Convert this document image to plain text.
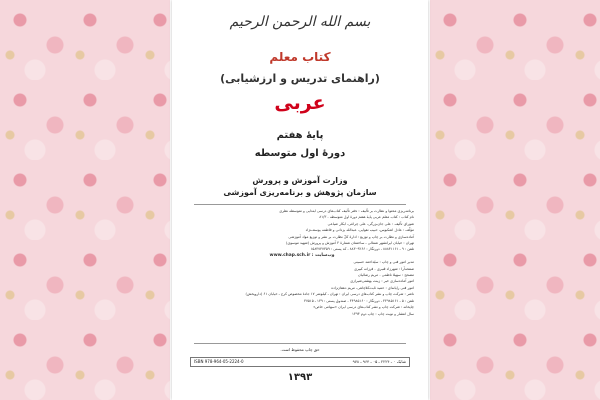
بسم الله الرحمن الرحیم
کتاب معلم
(راهنمای تدریس و ارزشیابی)
عربی
پایۀ هفتم
دورۀ اول متوسطه
وزارت آموزش و پرورش
سازمان پژوهش و برنامه‌ریزی آموزشی
برنامه‌ریزی محتوا و نظارت بر تألیف : دفتر تألیف کتاب‌های درسی ابتدایی و متوسطه نظری
نام کتاب : کتاب معلم عربی پایۀ هفتم دورۀ اول متوسطه - ۸۱/۳
شورای تألیف : علی جان‌بزرگی، علی چراغی، ابکار ضیاعی
مؤلّف : عادل اشکبوس، حبیب تقوایی، عبدالله یزدانی و فاطمه یوسف‌نژاد
آماده‌سازی و نظارت بر چاپ و توزیع : ادارۀ کلّ نظارت بر نشر و توزیع مواد آموزشی
تهران : خیابان ایرانشهر شمالی ـ ساختمان شمارۀ ۴ آموزش و پرورش (شهید موسوی)
تلفن : ۹ ـ ۸۸۸۳۱۱۶۱ ، دورنگار : ۸۸۳۰۹۲۶۶ ، کد پستی : ۱۵۸۴۷۴۷۳۵۹
وب‌سایت : www.chap.sch.ir
مدیر امور فنی و چاپ : سیّداحمد حسینی
صفحه‌آرا : شهرزاد قنبری - فرزانه کبیری
مصحح : سهیلا ناظمی - مریم رضائیان
امور آماده‌سازی خبر : زینت بهشتی‌شیرازی
امور فنی رایانه‌ای : حمید ثابت‌کلاچاهی، مریم دهقان‌زاده
ناشر : شرکت چاپ و نشر کتاب‌های درسی ایران : تهران ـ کیلومتر ۱۷ جادۀ مخصوص کرج ـ خیابان ۶۱ (دارو‌پخش)
تلفن : ۵ ـ ۴۴۹۸۵۱۶۱ ، دورنگار : ۴۴۹۸۵۱۶۰ ، صندوق پستی : ۱۳۹ ـ ۳۷۵۱۵
چاپخانه : شرکت چاپ و نشر کتاب‌های درسی ایران «سهامی خاص»
سال انتشار و نوبت چاپ : چاپ دوم ۱۳۹۳
حق چاپ محفوظ است.
ISBN 978-964-05-2224-0	شابک ۰ ـ ۲۲۲۴ ـ ۰۵ ـ ۹۶۴ ـ ۹۷۸
۱۳۹۳
